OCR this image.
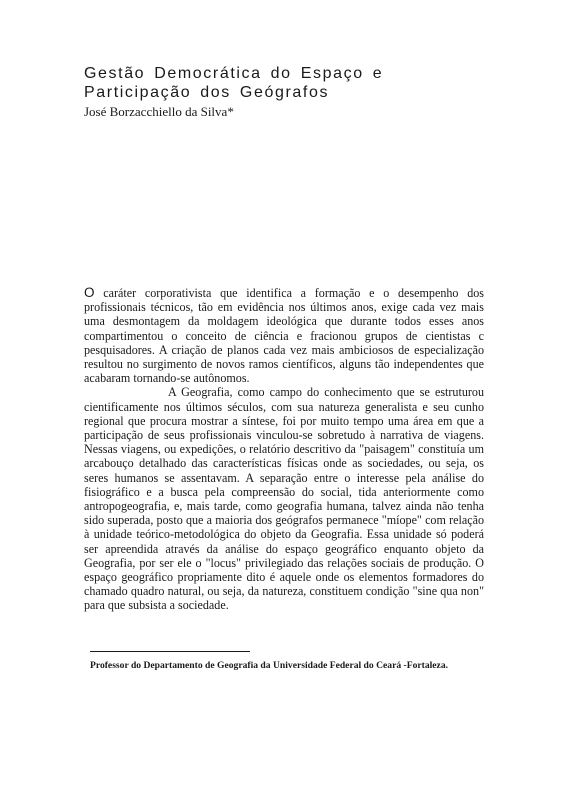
Gestão Democrática do Espaço e
Participação dos Geógrafos

José Borzacchiello da Silva*

O caráter corporativista que identifica a formação e o desempenho dos profissionais técnicos, tão em evidência nos últimos anos, exige cada vez mais uma desmontagem da moldagem ideológica que durante todos esses anos compartimentou o conceito de ciência e fracionou grupos de cientistas c pesquisadores. A criação de planos cada vez mais ambiciosos de especialização resultou no surgimento de novos ramos científicos, alguns tão independentes que acabaram tornando-se autônomos.

A Geografia, como campo do conhecimento que se estruturou cientificamente nos últimos séculos, com sua natureza generalista e seu cunho regional que procura mostrar a síntese, foi por muito tempo uma área em que a participação de seus profissionais vinculou-se sobretudo à narrativa de viagens. Nessas viagens, ou expedições, o relatório descritivo da "paisagem" constituía um arcabouço detalhado das características físicas onde as sociedades, ou seja, os seres humanos se assentavam. A separação entre o interesse pela análise do fisiográfico e a busca pela compreensão do social, tida anteriormente como antropogeografia, e, mais tarde, como geografia humana, talvez ainda não tenha sido superada, posto que a maioria dos geógrafos permanece "míope" com relação à unidade teórico-metodológica do objeto da Geografia. Essa unidade só poderá ser apreendida através da análise do espaço geográfico enquanto objeto da Geografia, por ser ele o "locus" privilegiado das relações sociais de produção. O espaço geográfico propriamente dito é aquele onde os elementos formadores do chamado quadro natural, ou seja, da natureza, constituem condição "sine qua non" para que subsista a sociedade.

Professor do Departamento de Geografia da Universidade Federal do Ceará -Fortaleza.
